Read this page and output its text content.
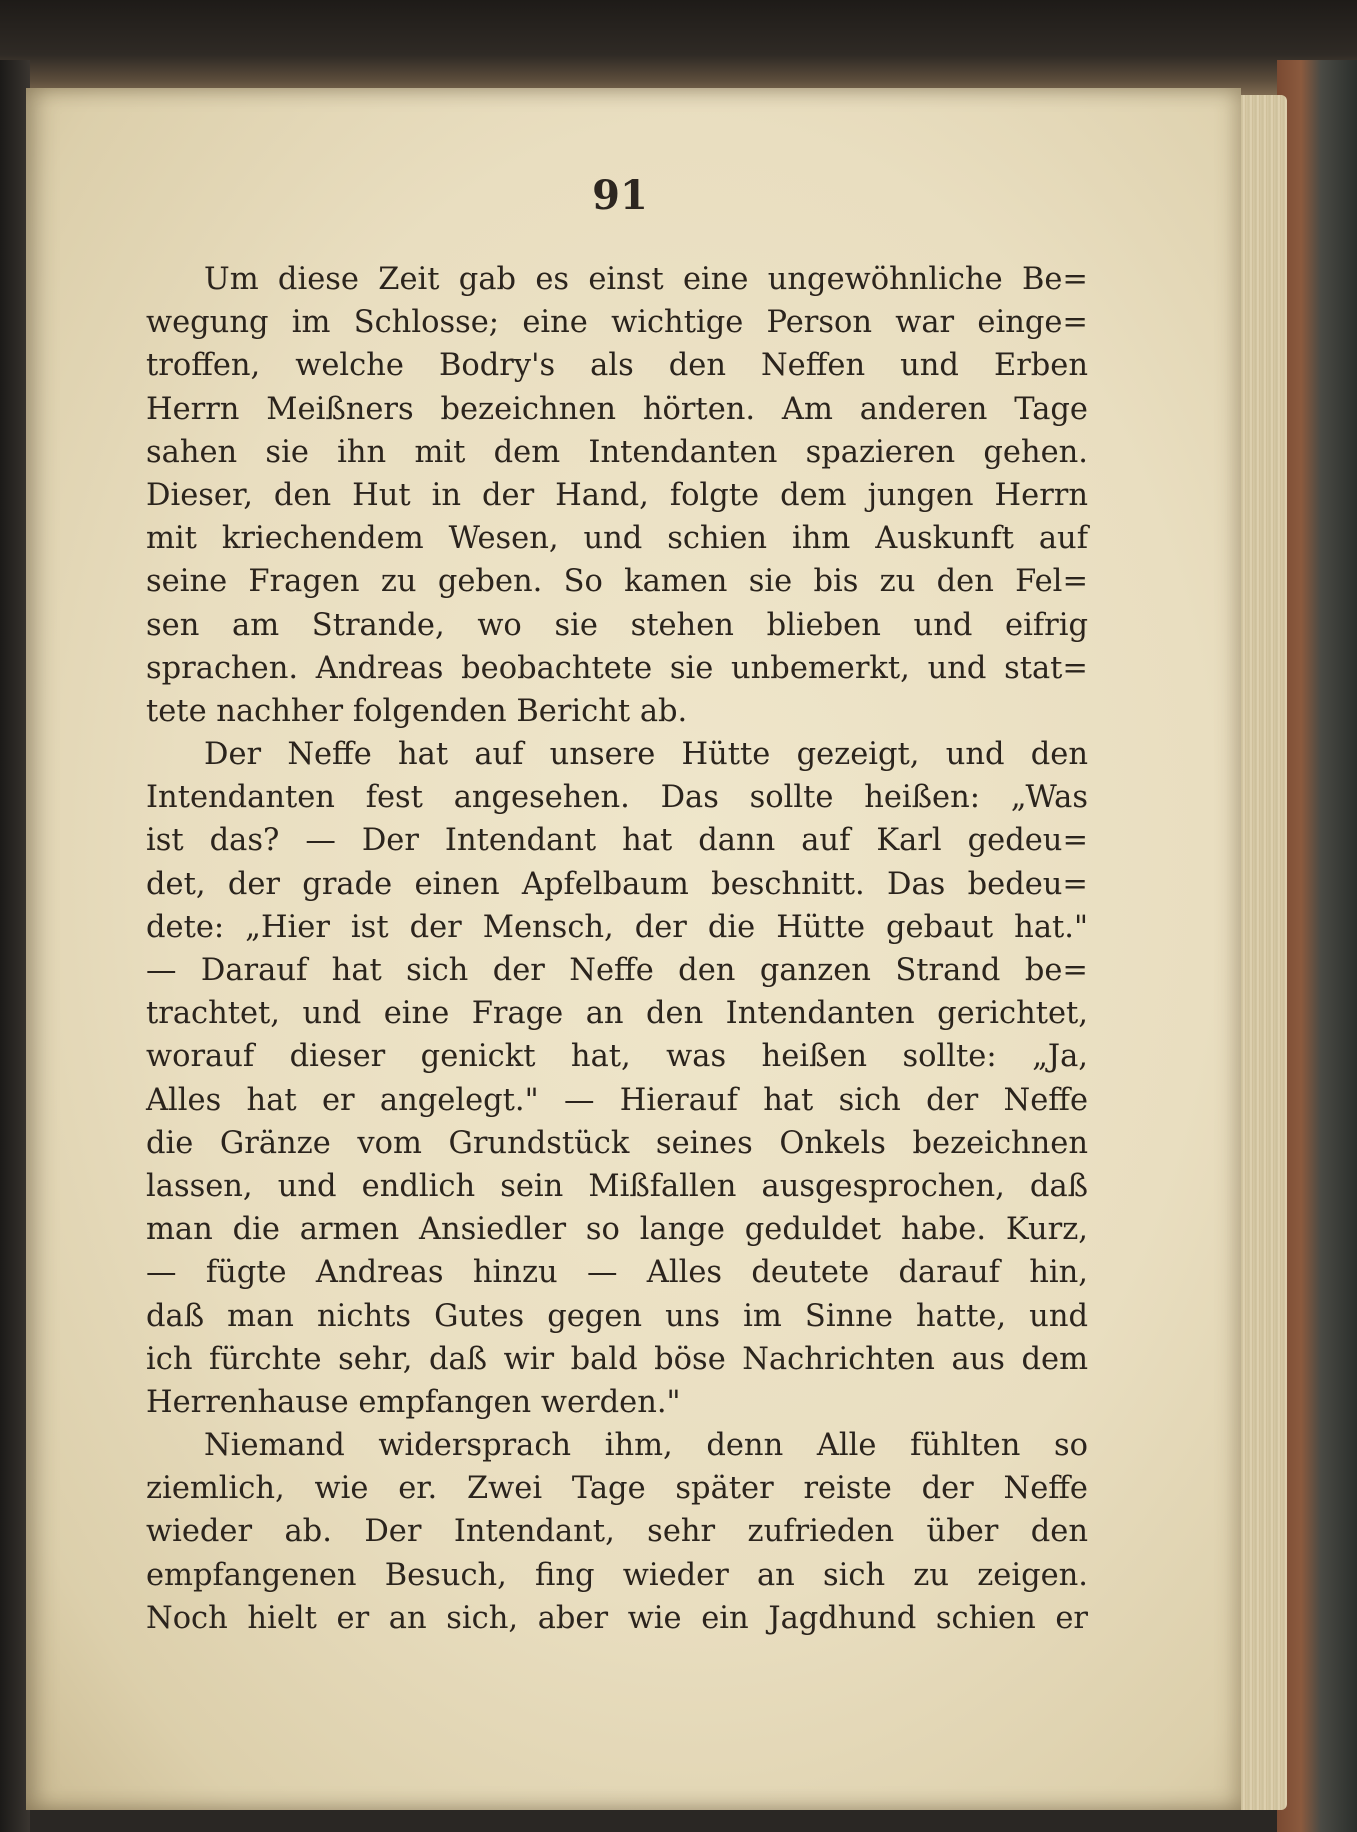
91
Um diese Zeit gab es einst eine ungewöhnliche Be=
wegung im Schlosse; eine wichtige Person war einge=
troffen, welche Bodry's als den Neffen und Erben
Herrn Meißners bezeichnen hörten. Am anderen Tage
sahen sie ihn mit dem Intendanten spazieren gehen.
Dieser, den Hut in der Hand, folgte dem jungen Herrn
mit kriechendem Wesen, und schien ihm Auskunft auf
seine Fragen zu geben. So kamen sie bis zu den Fel=
sen am Strande, wo sie stehen blieben und eifrig
sprachen. Andreas beobachtete sie unbemerkt, und stat=
tete nachher folgenden Bericht ab.
Der Neffe hat auf unsere Hütte gezeigt, und den
Intendanten fest angesehen. Das sollte heißen: „Was
ist das? — Der Intendant hat dann auf Karl gedeu=
det, der grade einen Apfelbaum beschnitt. Das bedeu=
dete: „Hier ist der Mensch, der die Hütte gebaut hat."
— Darauf hat sich der Neffe den ganzen Strand be=
trachtet, und eine Frage an den Intendanten gerichtet,
worauf dieser genickt hat, was heißen sollte: „Ja,
Alles hat er angelegt." — Hierauf hat sich der Neffe
die Gränze vom Grundstück seines Onkels bezeichnen
lassen, und endlich sein Mißfallen ausgesprochen, daß
man die armen Ansiedler so lange geduldet habe. Kurz,
— fügte Andreas hinzu — Alles deutete darauf hin,
daß man nichts Gutes gegen uns im Sinne hatte, und
ich fürchte sehr, daß wir bald böse Nachrichten aus dem
Herrenhause empfangen werden."
Niemand widersprach ihm, denn Alle fühlten so
ziemlich, wie er. Zwei Tage später reiste der Neffe
wieder ab. Der Intendant, sehr zufrieden über den
empfangenen Besuch, fing wieder an sich zu zeigen.
Noch hielt er an sich, aber wie ein Jagdhund schien er
